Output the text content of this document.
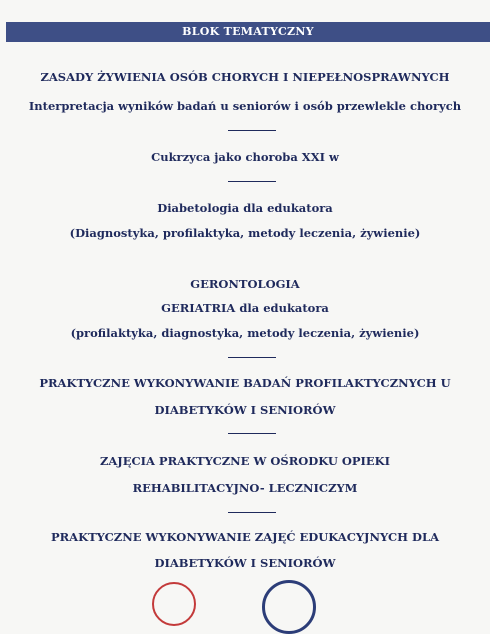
BLOK TEMATYCZNY
ZASADY ŻYWIENIA OSÓB CHORYCH I NIEPEŁNOSPRAWNYCH
Interpretacja wyników badań u seniorów i osób przewlekle chorych
Cukrzyca jako choroba XXI w
Diabetologia dla edukatora
(Diagnostyka, profilaktyka, metody leczenia, żywienie)
GERONTOLOGIA
GERIATRIA dla edukatora
(profilaktyka, diagnostyka, metody leczenia, żywienie)
PRAKTYCZNE WYKONYWANIE BADAŃ PROFILAKTYCZNYCH U
DIABETYKÓW I SENIORÓW
ZAJĘCIA PRAKTYCZNE W OŚRODKU OPIEKI
REHABILITACYJNO- LECZNICZYM
PRAKTYCZNE WYKONYWANIE ZAJĘĆ EDUKACYJNYCH DLA
DIABETYKÓW I SENIORÓW
